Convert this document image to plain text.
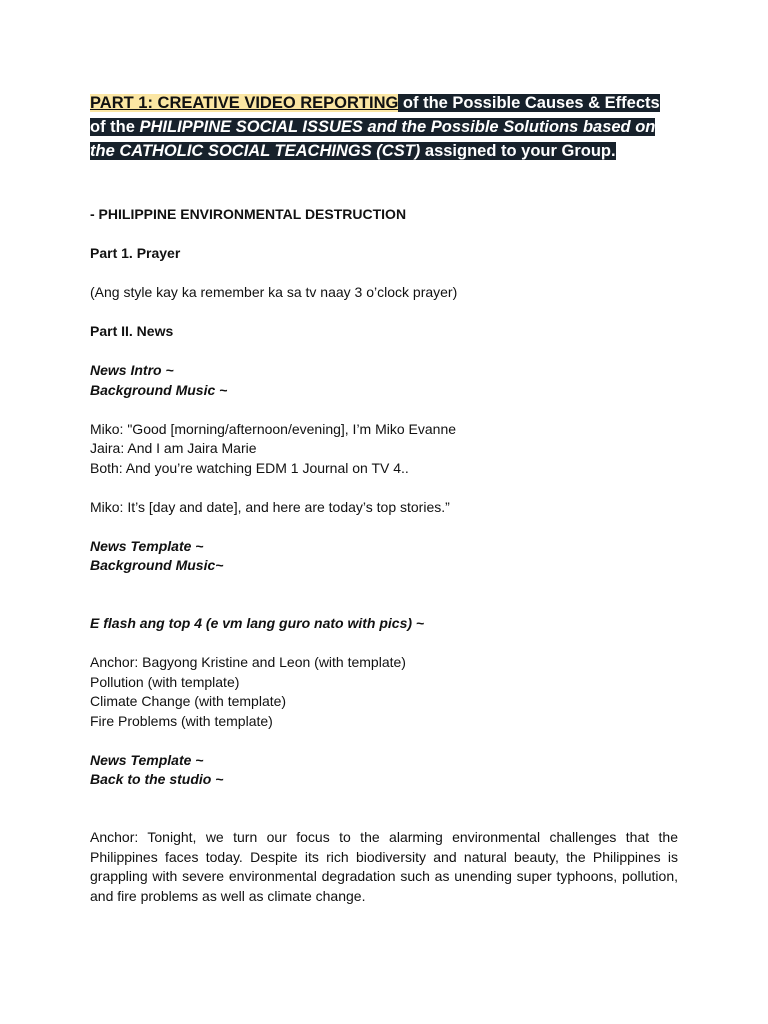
PART 1: CREATIVE VIDEO REPORTING of the Possible Causes & Effects of the PHILIPPINE SOCIAL ISSUES and the Possible Solutions based on the CATHOLIC SOCIAL TEACHINGS (CST) assigned to your Group.

- PHILIPPINE ENVIRONMENTAL DESTRUCTION

Part 1. Prayer

(Ang style kay ka remember ka sa tv naay 3 o’clock prayer)

Part II. News

News Intro ~

Background Music ~

Miko: "Good [morning/afternoon/evening], I’m Miko Evanne

Jaira: And I am Jaira Marie

Both: And you’re watching EDM 1 Journal on TV 4..

Miko: It’s [day and date], and here are today’s top stories.”

News Template ~

Background Music~

E flash ang top 4 (e vm lang guro nato with pics) ~

Anchor: Bagyong Kristine and Leon (with template)

Pollution (with template)

Climate Change (with template)

Fire Problems (with template)

News Template ~

Back to the studio ~

Anchor: Tonight, we turn our focus to the alarming environmental challenges that the Philippines faces today. Despite its rich biodiversity and natural beauty, the Philippines is grappling with severe environmental degradation such as unending super typhoons, pollution, and fire problems as well as climate change.
